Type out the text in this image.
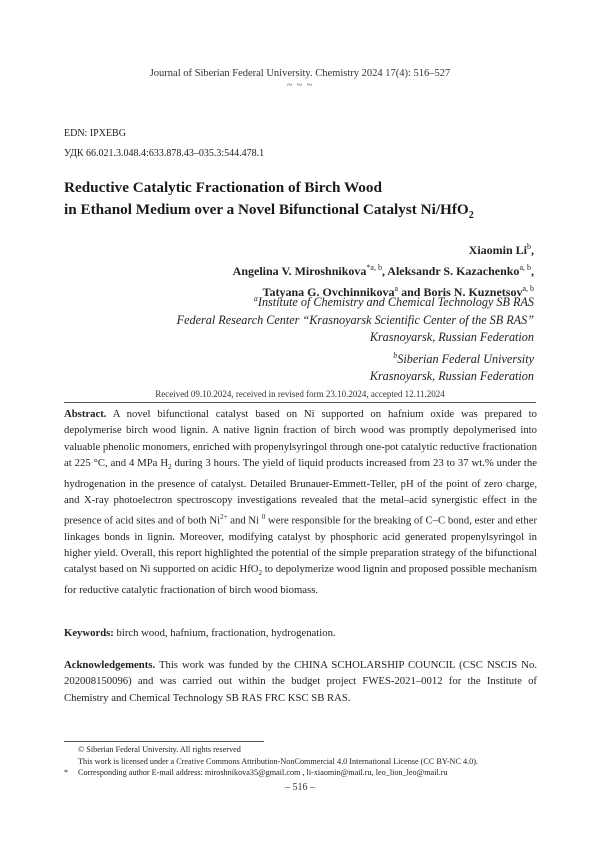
Journal of Siberian Federal University. Chemistry 2024 17(4): 516–527
~ ~ ~
EDN: IPXEBG
УДК 66.021.3.048.4:633.878.43–035.3:544.478.1
Reductive Catalytic Fractionation of Birch Wood
in Ethanol Medium over a Novel Bifunctional Catalyst Ni/HfO$_2$
Xiaomin Li$^b$,
Angelina V. Miroshnikova$^{*a, b}$, Aleksandr S. Kazachenko$^{a, b}$,
Tatyana G. Ovchinnikova$^a$ and Boris N. Kuznetsov$^{a, b}$
$^a$Institute of Chemistry and Chemical Technology SB RAS
Federal Research Center “Krasnoyarsk Scientific Center of the SB RAS”
Krasnoyarsk, Russian Federation
$^b$Siberian Federal University
Krasnoyarsk, Russian Federation
Received 09.10.2024, received in revised form 23.10.2024, accepted 12.11.2024
Abstract. A novel bifunctional catalyst based on Ni supported on hafnium oxide was prepared to depolymerise birch wood lignin. A native lignin fraction of birch wood was promptly depolymerised into valuable phenolic monomers, enriched with propenylsyringol through one-pot catalytic reductive fractionation at 225 °C, and 4 MPa $H_2$ during 3 hours. The yield of liquid products increased from 23 to 37 wt.% under the hydrogenation in the presence of catalyst. Detailed Brunauer-Emmett-Teller, pH of the point of zero charge, and X-ray photoelectron spectroscopy investigations revealed that the metal–acid synergistic effect in the presence of acid sites and of both $Ni^{2+}$ and Ni $^0$ were responsible for the breaking of C–C bond, ester and ether linkages bonds in lignin. Moreover, modifying catalyst by phosphoric acid generated propenylsyringol in higher yield. Overall, this report highlighted the potential of the simple preparation strategy of the bifunctional catalyst based on Ni supported on acidic HfO$_2$ to depolymerize wood lignin and proposed possible mechanism for reductive catalytic fractionation of birch wood biomass.
Keywords: birch wood, hafnium, fractionation, hydrogenation.
Acknowledgements. This work was funded by the CHINA SCHOLARSHIP COUNCIL (CSC NSCIS No. 202008150096) and was carried out within the budget project FWES-2021–0012 for the Institute of Chemistry and Chemical Technology SB RAS FRC KSC SB RAS.
© Siberian Federal University. All rights reserved
This work is licensed under a Creative Commons Attribution-NonCommercial 4.0 International License (CC BY-NC 4.0).
* Corresponding author E-mail address: miroshnikova35@gmail.com , li-xiaomin@mail.ru, leo_lion_leo@mail.ru
– 516 –
